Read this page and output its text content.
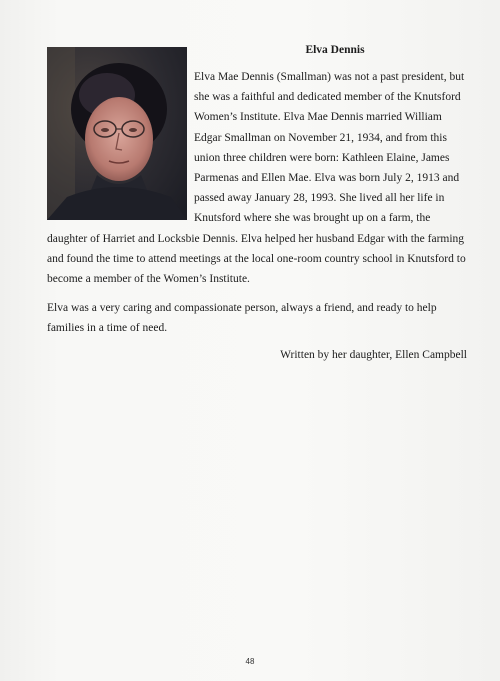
Elva Dennis

Elva Mae Dennis (Smallman) was not a past president, but she was a faithful and dedicated member of the Knutsford Women’s Institute. Elva Mae Dennis married William Edgar Smallman on November 21, 1934, and from this union three children were born: Kathleen Elaine, James Parmenas and Ellen Mae. Elva was born July 2, 1913 and passed away January 28, 1993. She lived all her life in Knutsford where she was brought up on a farm, the daughter of Harriet and Locksbie Dennis. Elva helped her husband Edgar with the farming and found the time to attend meetings at the local one-room country school in Knutsford to become a member of the Women’s Institute.

Elva was a very caring and compassionate person, always a friend, and ready to help families in a time of need.

Written by her daughter, Ellen Campbell
48
